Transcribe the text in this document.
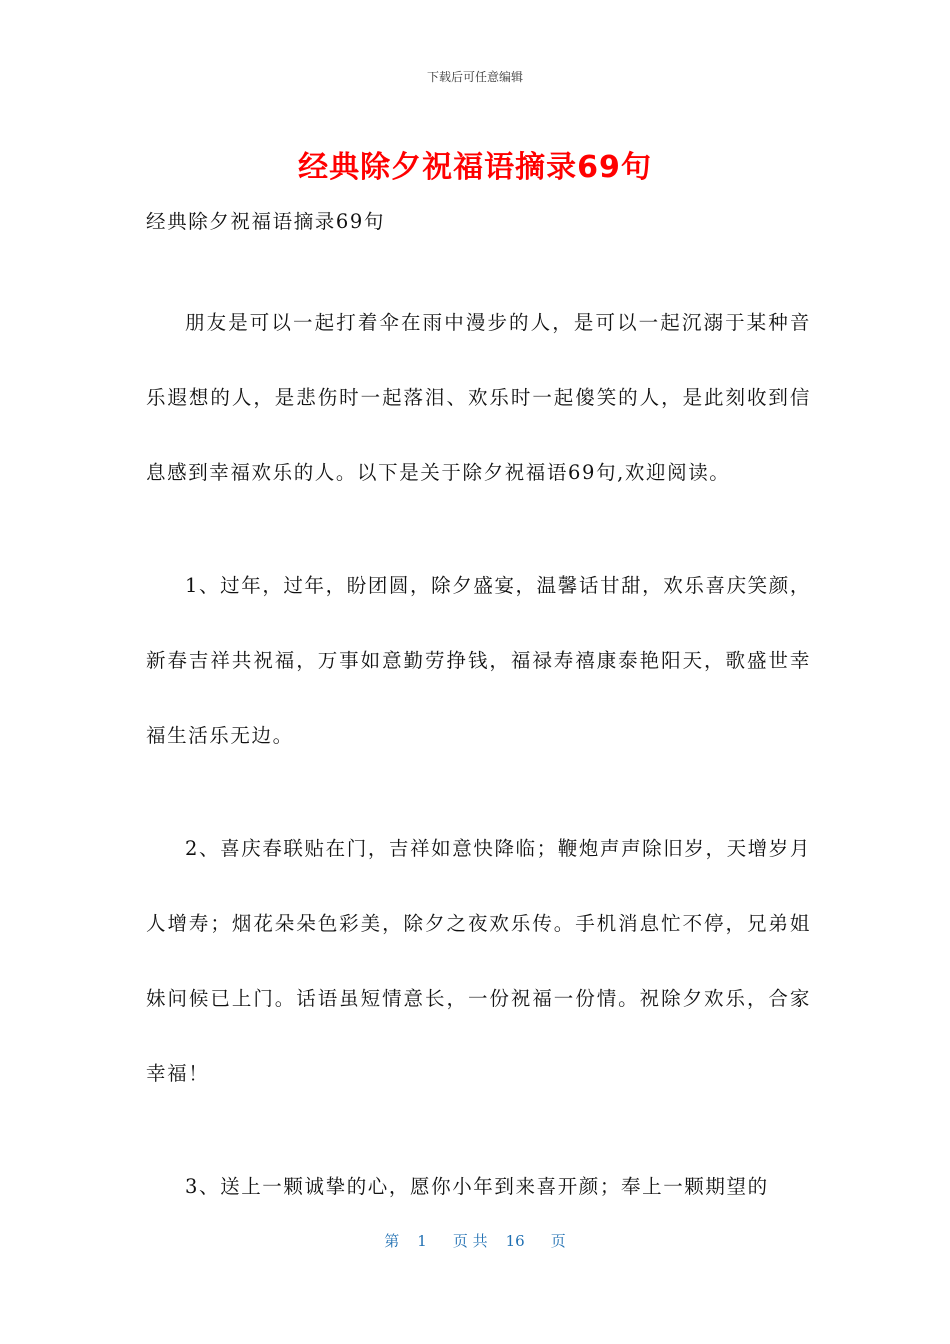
下载后可任意编辑
经典除夕祝福语摘录69句

经典除夕祝福语摘录69句

朋友是可以一起打着伞在雨中漫步的人，是可以一起沉溺于某种音乐遐想的人，是悲伤时一起落泪、欢乐时一起傻笑的人，是此刻收到信息感到幸福欢乐的人。以下是关于除夕祝福语69句,欢迎阅读。

1、过年，过年，盼团圆，除夕盛宴，温馨话甘甜，欢乐喜庆笑颜，新春吉祥共祝福，万事如意勤劳挣钱，福禄寿禧康泰艳阳天，歌盛世幸福生活乐无边。

2、喜庆春联贴在门，吉祥如意快降临；鞭炮声声除旧岁，天增岁月人增寿；烟花朵朵色彩美，除夕之夜欢乐传。手机消息忙不停，兄弟姐妹问候已上门。话语虽短情意长，一份祝福一份情。祝除夕欢乐，合家幸福！

3、送上一颗诚挚的心，愿你小年到来喜开颜；奉上一颗期望的

第 1 页 共 16 页
